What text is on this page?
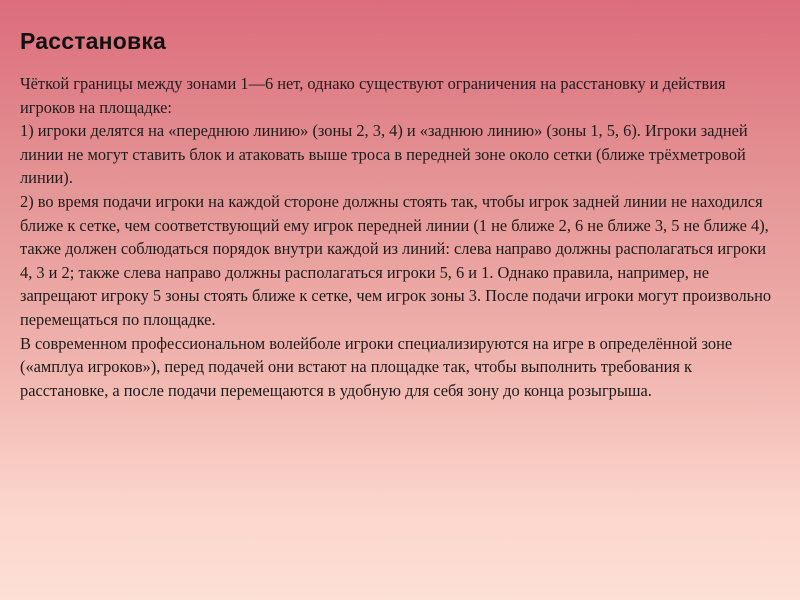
Расстановка

Чёткой границы между зонами 1—6 нет, однако существуют ограничения на расстановку и действия игроков на площадке:

1) игроки делятся на «переднюю линию» (зоны 2, 3, 4) и «заднюю линию» (зоны 1, 5, 6). Игроки задней линии не могут ставить блок и атаковать выше троса в передней зоне около сетки (ближе трёхметровой линии).

2) во время подачи игроки на каждой стороне должны стоять так, чтобы игрок задней линии не находился ближе к сетке, чем соответствующий ему игрок передней линии (1 не ближе 2, 6 не ближе 3, 5 не ближе 4), также должен соблюдаться порядок внутри каждой из линий: слева направо должны располагаться игроки 4, 3 и 2; также слева направо должны располагаться игроки 5, 6 и 1. Однако правила, например, не запрещают игроку 5 зоны стоять ближе к сетке, чем игрок зоны 3. После подачи игроки могут произвольно перемещаться по площадке.

В современном профессиональном волейболе игроки специализируются на игре в определённой зоне («амплуа игроков»), перед подачей они встают на площадке так, чтобы выполнить требования к расстановке, а после подачи перемещаются в удобную для себя зону до конца розыгрыша.
